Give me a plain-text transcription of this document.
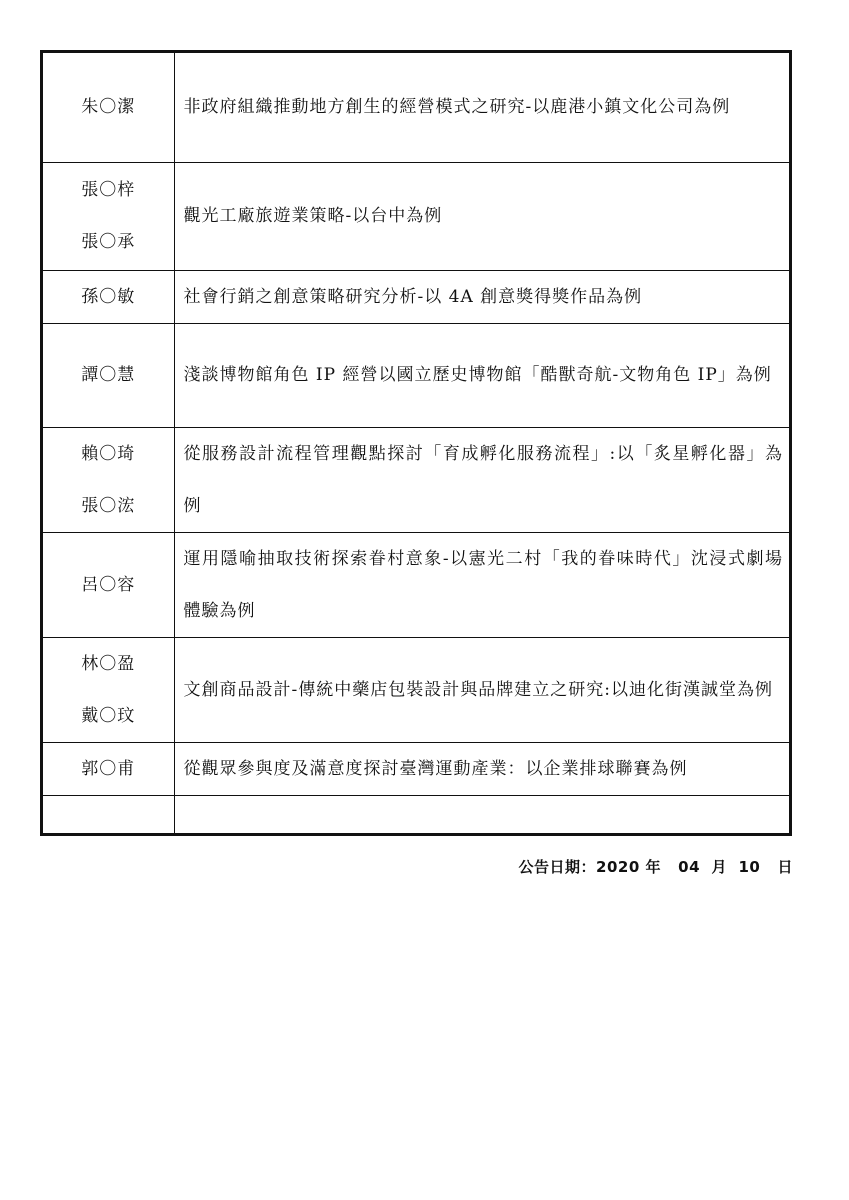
朱〇潔	非政府組織推動地方創生的經營模式之研究-以鹿港小鎮文化公司為例

張〇梓
張〇承	觀光工廠旅遊業策略-以台中為例

孫〇敏	社會行銷之創意策略研究分析-以 4A 創意獎得獎作品為例

譚〇慧	淺談博物館角色 IP 經營以國立歷史博物館「酷獸奇航-文物角色 IP」為例

賴〇琦
張〇浤	從服務設計流程管理觀點探討「育成孵化服務流程」:以「炙星孵化器」為例

呂〇容	運用隱喻抽取技術探索眷村意象-以憲光二村「我的眷味時代」沈浸式劇場體驗為例

林〇盈
戴〇玟	文創商品設計-傳統中藥店包裝設計與品牌建立之研究:以迪化街漢誠堂為例

郭〇甫	從觀眾參與度及滿意度探討臺灣運動產業：以企業排球聯賽為例

公告日期：2020 年   04  月  10   日
